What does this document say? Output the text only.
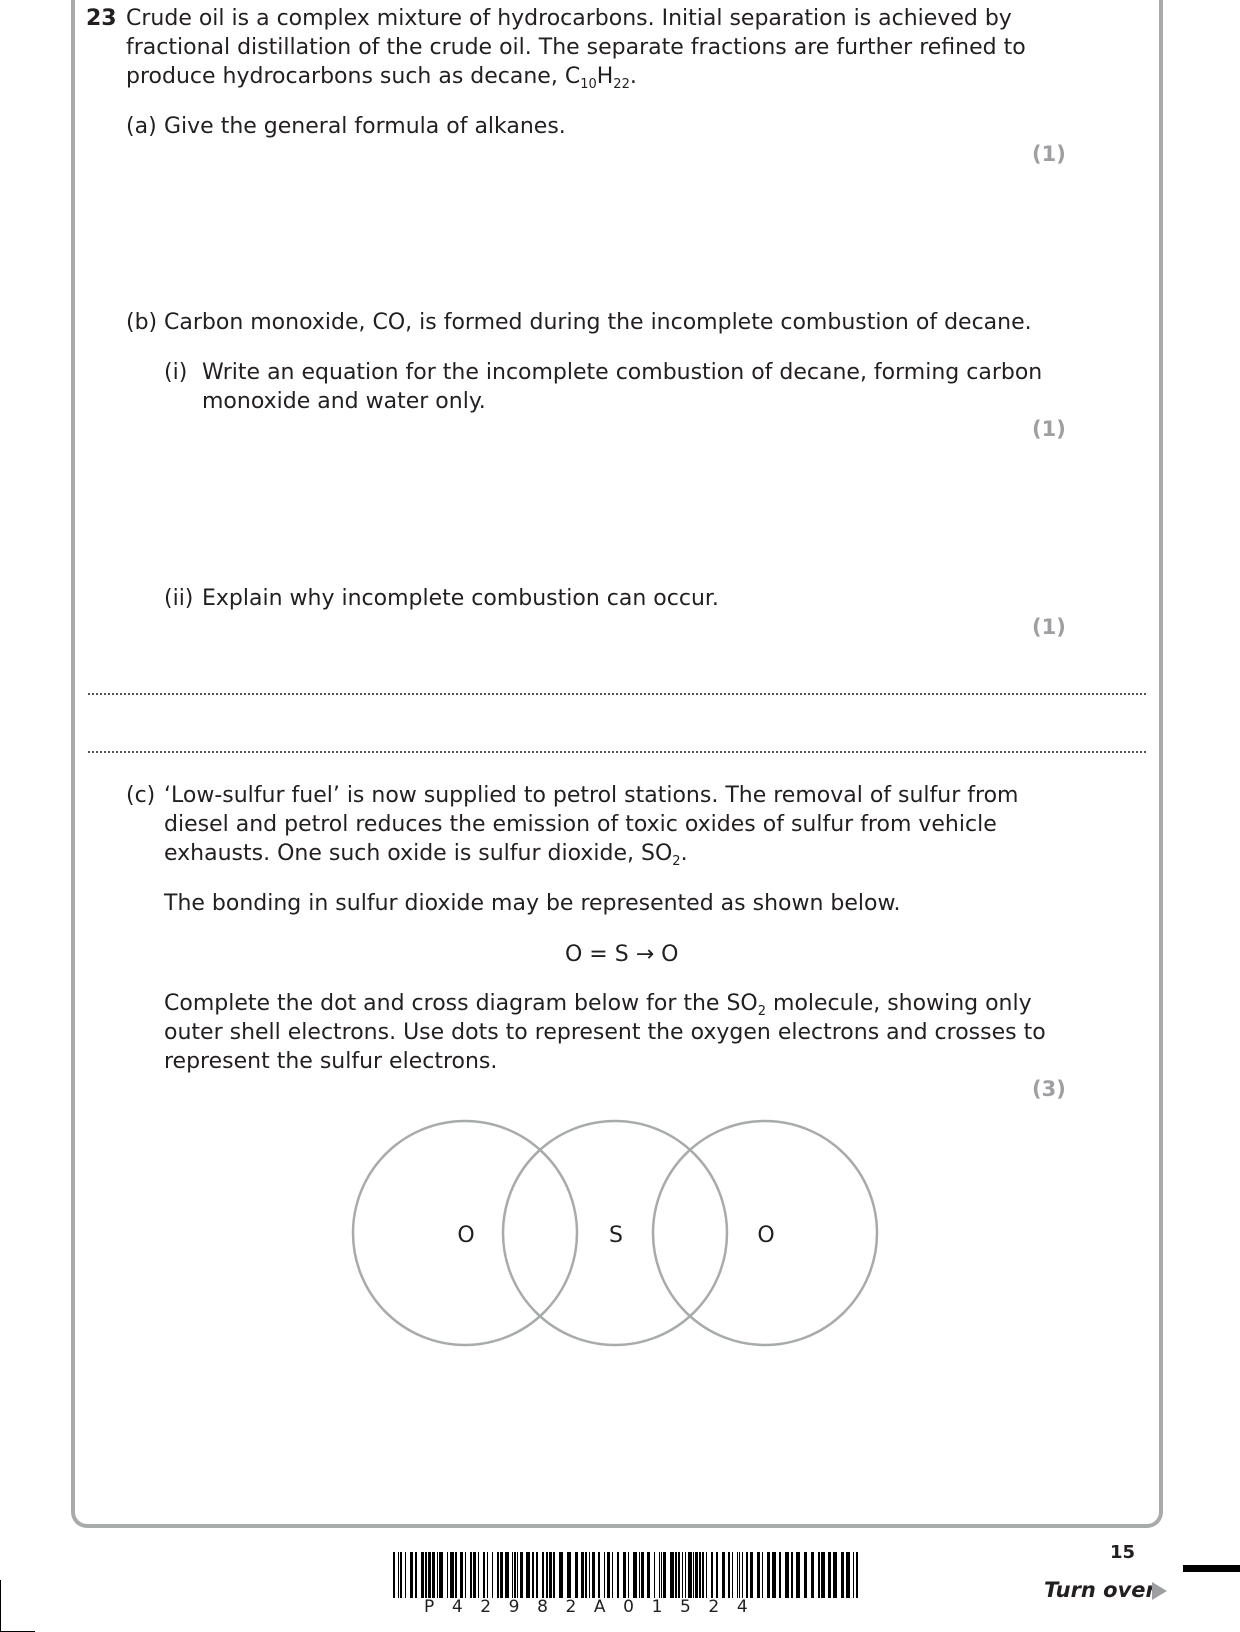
23 Crude oil is a complex mixture of hydrocarbons. Initial separation is achieved by
fractional distillation of the crude oil. The separate fractions are further refined to
produce hydrocarbons such as decane, $C_{10}H_{22}$.
(a) Give the general formula of alkanes.
(1)
(b) Carbon monoxide, CO, is formed during the incomplete combustion of decane.
(i) Write an equation for the incomplete combustion of decane, forming carbon
monoxide and water only.
(1)
(ii) Explain why incomplete combustion can occur.
(1)
(c) ‘Low-sulfur fuel’ is now supplied to petrol stations. The removal of sulfur from
diesel and petrol reduces the emission of toxic oxides of sulfur from vehicle
exhausts. One such oxide is sulfur dioxide, $SO_2$.
The bonding in sulfur dioxide may be represented as shown below.
O = S → O
Complete the dot and cross diagram below for the $SO_2$ molecule, showing only
outer shell electrons. Use dots to represent the oxygen electrons and crosses to
represent the sulfur electrons.
(3)
O	S	O
P42982A01524
15
Turn over
